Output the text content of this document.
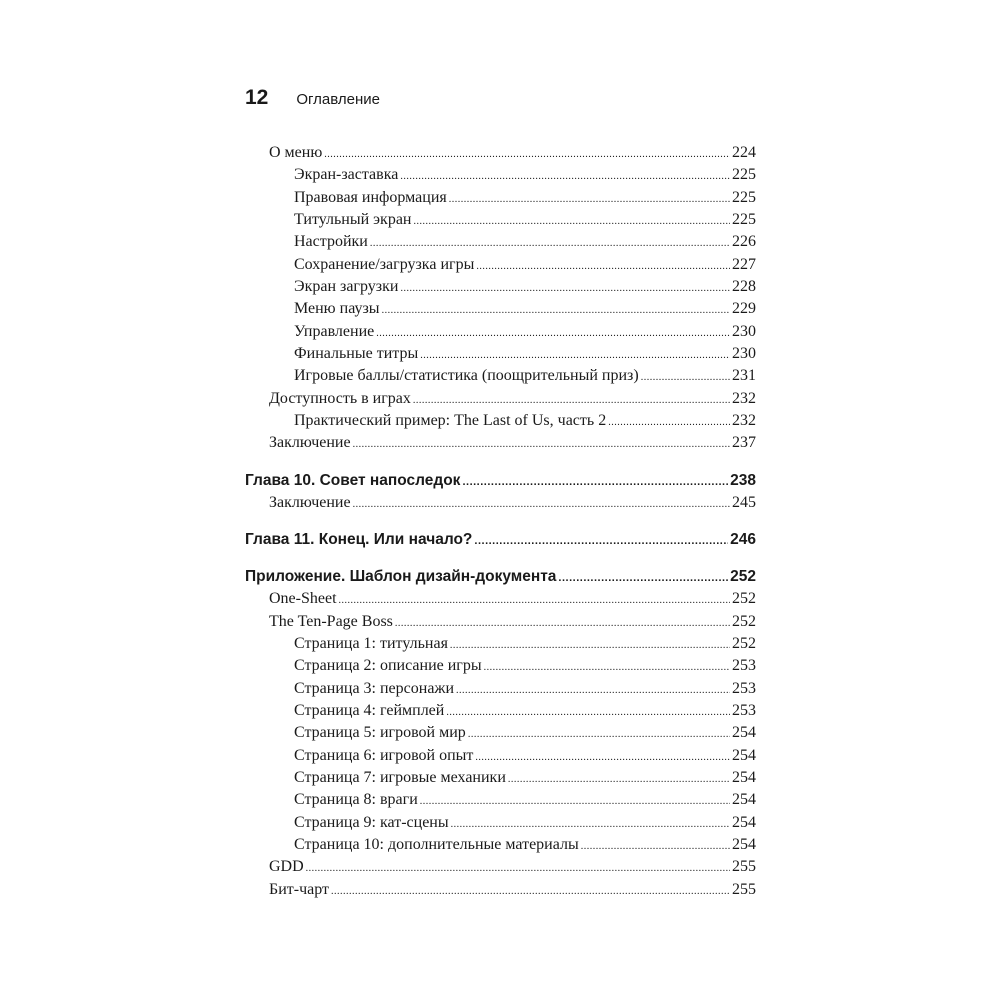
12 Оглавление
О меню .....	224
Экран-заставка .....	225
Правовая информация .....	225
Титульный экран .....	225
Настройки .....	226
Сохранение/загрузка игры .....	227
Экран загрузки .....	228
Меню паузы .....	229
Управление .....	230
Финальные титры .....	230
Игровые баллы/статистика (поощрительный приз) .....	231
Доступность в играх .....	232
Практический пример: The Last of Us, часть 2 .....	232
Заключение .....	237
Глава 10. Совет напоследок .....	238
Заключение .....	245
Глава 11. Конец. Или начало? .....	246
Приложение. Шаблон дизайн-документа .....	252
One-Sheet .....	252
The Ten-Page Boss .....	252
Страница 1: титульная .....	252
Страница 2: описание игры .....	253
Страница 3: персонажи .....	253
Страница 4: геймплей .....	253
Страница 5: игровой мир .....	254
Страница 6: игровой опыт .....	254
Страница 7: игровые механики .....	254
Страница 8: враги .....	254
Страница 9: кат-сцены .....	254
Страница 10: дополнительные материалы .....	254
GDD .....	255
Бит-чарт .....	255
